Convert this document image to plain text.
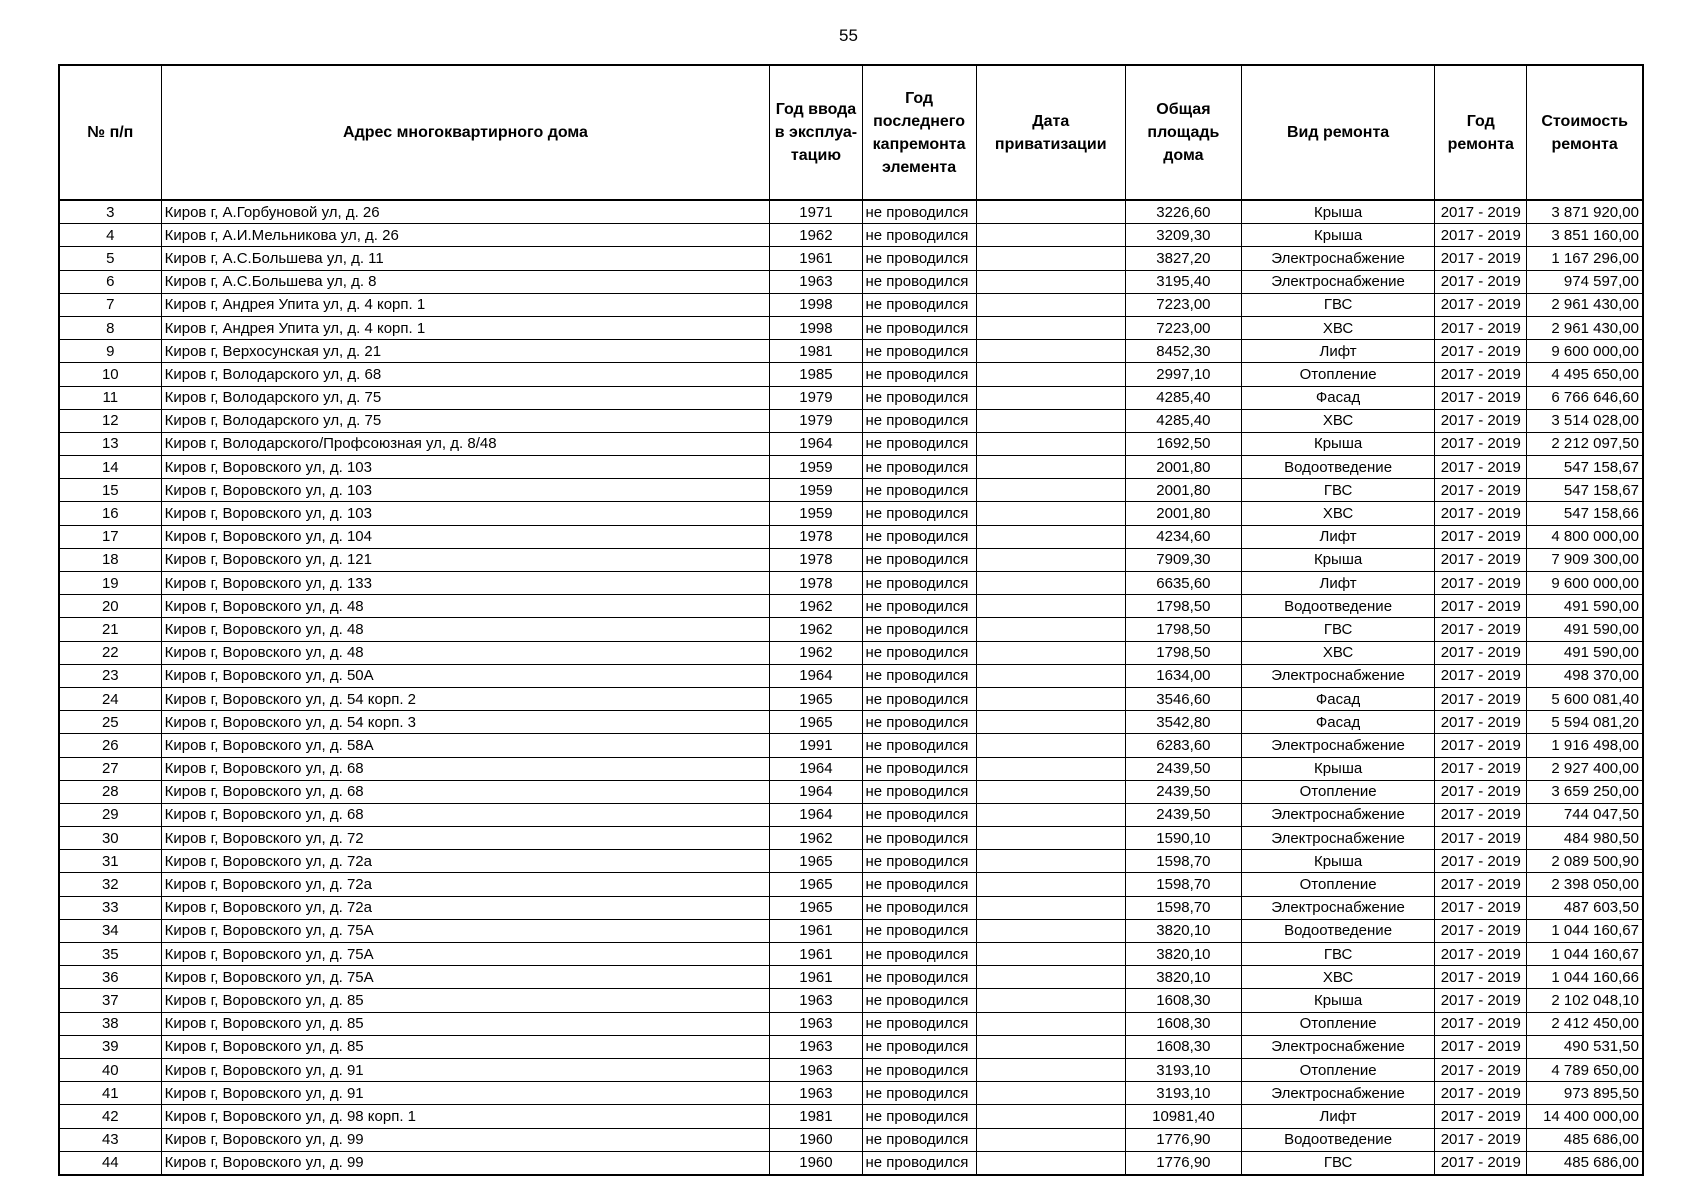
55
№ п/п	Адрес многоквартирного дома	Год ввода в эксплуа-тацию	Год последнего капремонта элемента	Дата приватизации	Общая площадь дома	Вид ремонта	Год ремонта	Стоимость ремонта
3	Киров г, А.Горбуновой ул, д. 26	1971	не проводился		3226,60	Крыша	2017 - 2019	3 871 920,00
4	Киров г, А.И.Мельникова ул, д. 26	1962	не проводился		3209,30	Крыша	2017 - 2019	3 851 160,00
5	Киров г, А.С.Большева ул, д. 11	1961	не проводился		3827,20	Электроснабжение	2017 - 2019	1 167 296,00
6	Киров г, А.С.Большева ул, д. 8	1963	не проводился		3195,40	Электроснабжение	2017 - 2019	974 597,00
7	Киров г, Андрея Упита ул, д. 4 корп. 1	1998	не проводился		7223,00	ГВС	2017 - 2019	2 961 430,00
8	Киров г, Андрея Упита ул, д. 4 корп. 1	1998	не проводился		7223,00	ХВС	2017 - 2019	2 961 430,00
9	Киров г, Верхосунская ул, д. 21	1981	не проводился		8452,30	Лифт	2017 - 2019	9 600 000,00
10	Киров г, Володарского ул, д. 68	1985	не проводился		2997,10	Отопление	2017 - 2019	4 495 650,00
11	Киров г, Володарского ул, д. 75	1979	не проводился		4285,40	Фасад	2017 - 2019	6 766 646,60
12	Киров г, Володарского ул, д. 75	1979	не проводился		4285,40	ХВС	2017 - 2019	3 514 028,00
13	Киров г, Володарского/Профсоюзная ул, д. 8/48	1964	не проводился		1692,50	Крыша	2017 - 2019	2 212 097,50
14	Киров г, Воровского ул, д. 103	1959	не проводился		2001,80	Водоотведение	2017 - 2019	547 158,67
15	Киров г, Воровского ул, д. 103	1959	не проводился		2001,80	ГВС	2017 - 2019	547 158,67
16	Киров г, Воровского ул, д. 103	1959	не проводился		2001,80	ХВС	2017 - 2019	547 158,66
17	Киров г, Воровского ул, д. 104	1978	не проводился		4234,60	Лифт	2017 - 2019	4 800 000,00
18	Киров г, Воровского ул, д. 121	1978	не проводился		7909,30	Крыша	2017 - 2019	7 909 300,00
19	Киров г, Воровского ул, д. 133	1978	не проводился		6635,60	Лифт	2017 - 2019	9 600 000,00
20	Киров г, Воровского ул, д. 48	1962	не проводился		1798,50	Водоотведение	2017 - 2019	491 590,00
21	Киров г, Воровского ул, д. 48	1962	не проводился		1798,50	ГВС	2017 - 2019	491 590,00
22	Киров г, Воровского ул, д. 48	1962	не проводился		1798,50	ХВС	2017 - 2019	491 590,00
23	Киров г, Воровского ул, д. 50А	1964	не проводился		1634,00	Электроснабжение	2017 - 2019	498 370,00
24	Киров г, Воровского ул, д. 54 корп. 2	1965	не проводился		3546,60	Фасад	2017 - 2019	5 600 081,40
25	Киров г, Воровского ул, д. 54 корп. 3	1965	не проводился		3542,80	Фасад	2017 - 2019	5 594 081,20
26	Киров г, Воровского ул, д. 58А	1991	не проводился		6283,60	Электроснабжение	2017 - 2019	1 916 498,00
27	Киров г, Воровского ул, д. 68	1964	не проводился		2439,50	Крыша	2017 - 2019	2 927 400,00
28	Киров г, Воровского ул, д. 68	1964	не проводился		2439,50	Отопление	2017 - 2019	3 659 250,00
29	Киров г, Воровского ул, д. 68	1964	не проводился		2439,50	Электроснабжение	2017 - 2019	744 047,50
30	Киров г, Воровского ул, д. 72	1962	не проводился		1590,10	Электроснабжение	2017 - 2019	484 980,50
31	Киров г, Воровского ул, д. 72а	1965	не проводился		1598,70	Крыша	2017 - 2019	2 089 500,90
32	Киров г, Воровского ул, д. 72а	1965	не проводился		1598,70	Отопление	2017 - 2019	2 398 050,00
33	Киров г, Воровского ул, д. 72а	1965	не проводился		1598,70	Электроснабжение	2017 - 2019	487 603,50
34	Киров г, Воровского ул, д. 75А	1961	не проводился		3820,10	Водоотведение	2017 - 2019	1 044 160,67
35	Киров г, Воровского ул, д. 75А	1961	не проводился		3820,10	ГВС	2017 - 2019	1 044 160,67
36	Киров г, Воровского ул, д. 75А	1961	не проводился		3820,10	ХВС	2017 - 2019	1 044 160,66
37	Киров г, Воровского ул, д. 85	1963	не проводился		1608,30	Крыша	2017 - 2019	2 102 048,10
38	Киров г, Воровского ул, д. 85	1963	не проводился		1608,30	Отопление	2017 - 2019	2 412 450,00
39	Киров г, Воровского ул, д. 85	1963	не проводился		1608,30	Электроснабжение	2017 - 2019	490 531,50
40	Киров г, Воровского ул, д. 91	1963	не проводился		3193,10	Отопление	2017 - 2019	4 789 650,00
41	Киров г, Воровского ул, д. 91	1963	не проводился		3193,10	Электроснабжение	2017 - 2019	973 895,50
42	Киров г, Воровского ул, д. 98 корп. 1	1981	не проводился		10981,40	Лифт	2017 - 2019	14 400 000,00
43	Киров г, Воровского ул, д. 99	1960	не проводился		1776,90	Водоотведение	2017 - 2019	485 686,00
44	Киров г, Воровского ул, д. 99	1960	не проводился		1776,90	ГВС	2017 - 2019	485 686,00
